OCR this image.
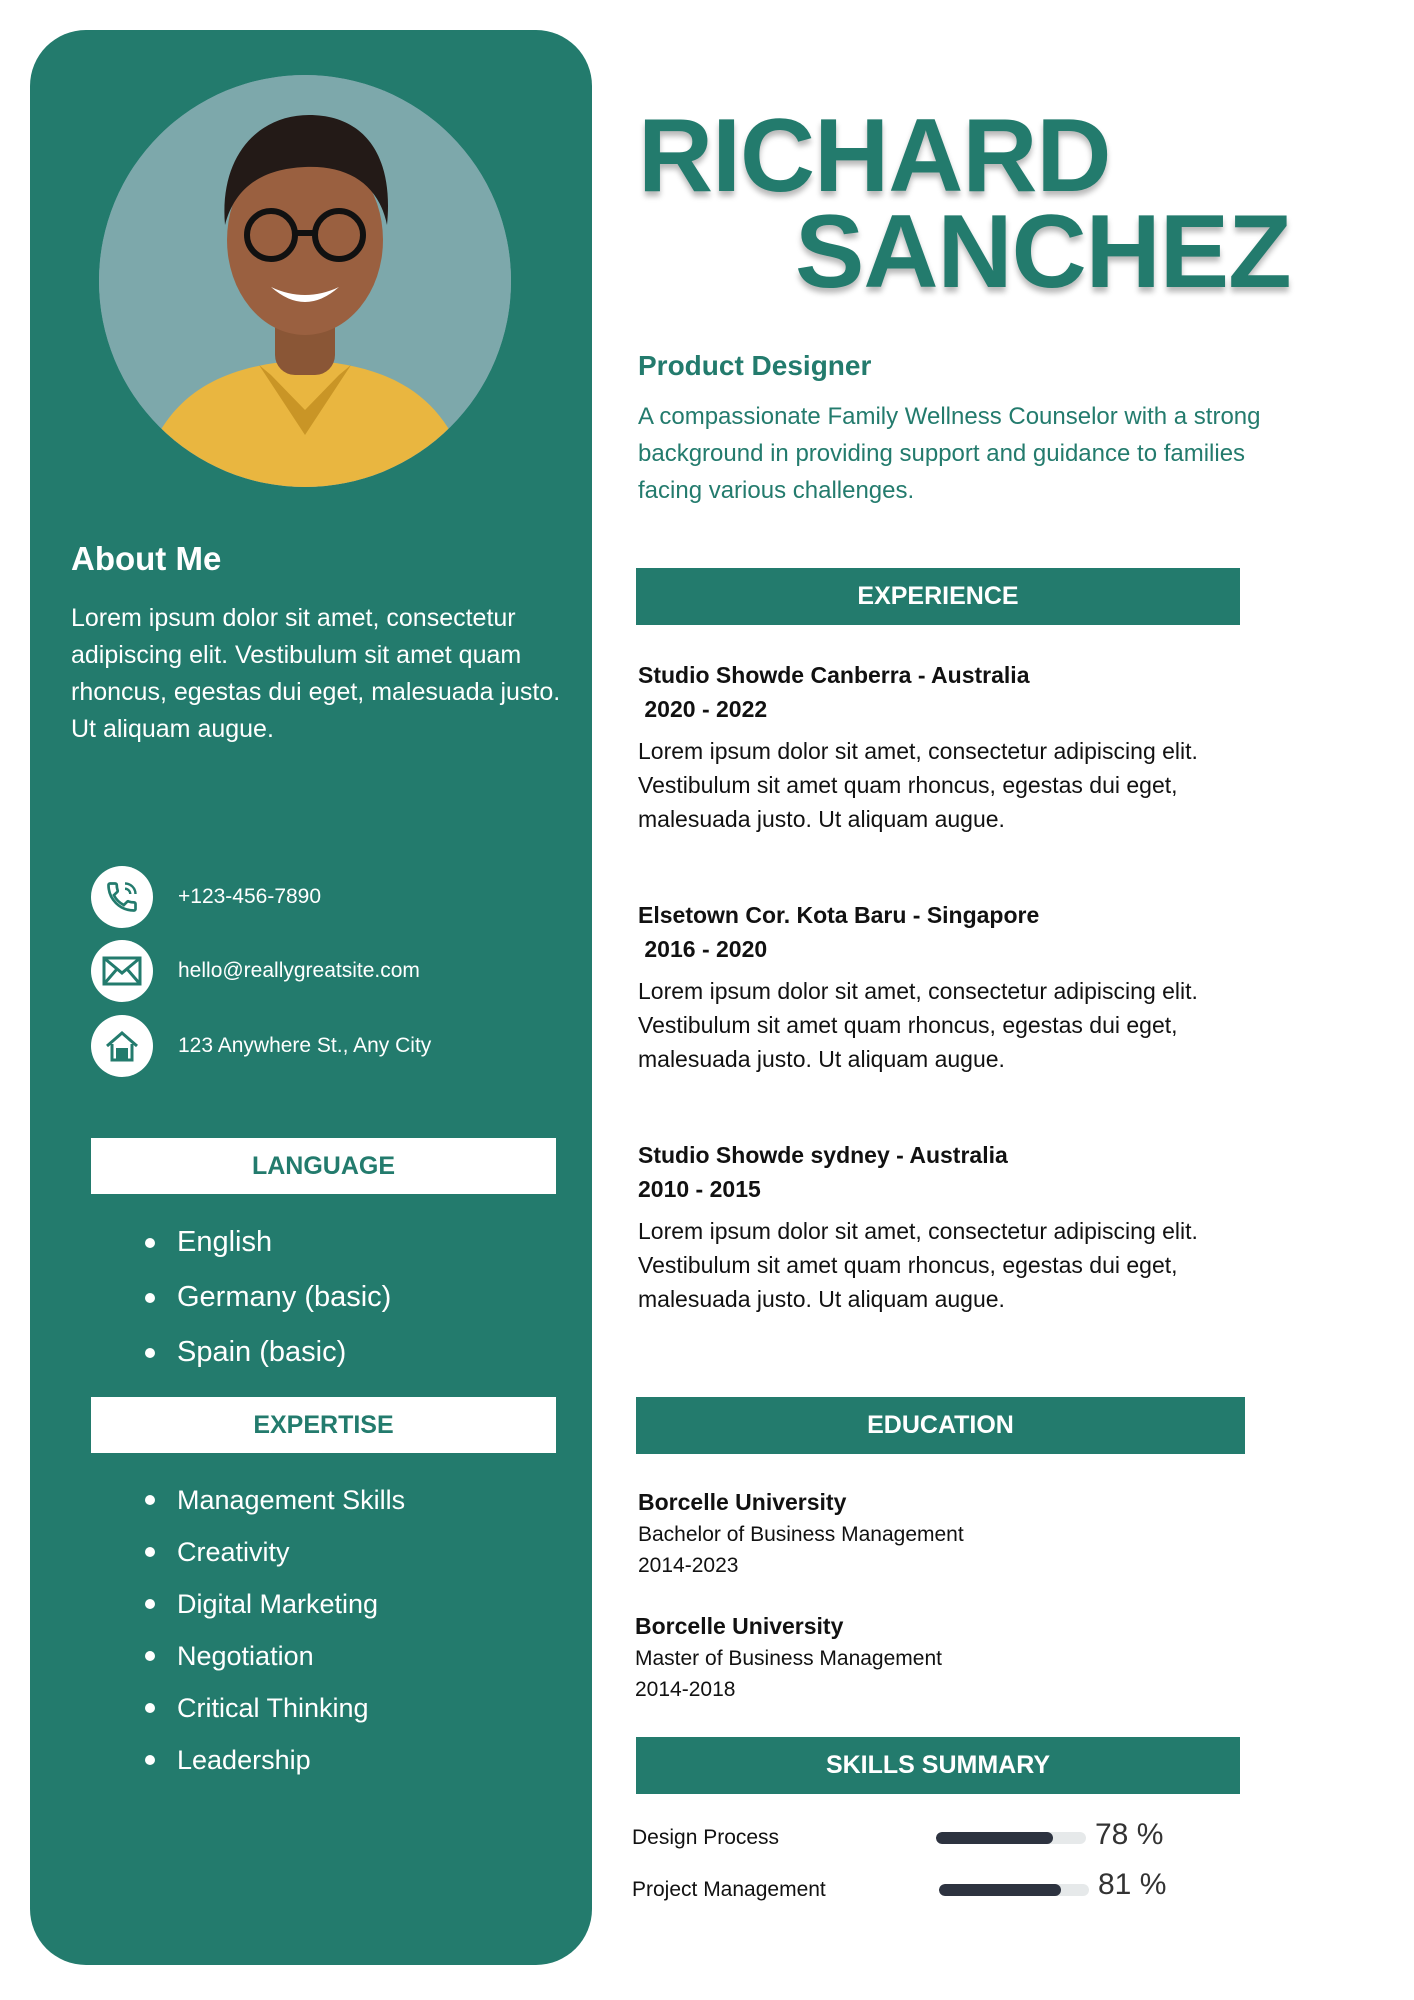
About Me
Lorem ipsum dolor sit amet, consectetur adipiscing elit. Vestibulum sit amet quam rhoncus, egestas dui eget, malesuada justo. Ut aliquam augue.
+123-456-7890
hello@reallygreatsite.com
123 Anywhere St., Any City
LANGUAGE
English
Germany (basic)
Spain (basic)
EXPERTISE
Management Skills
Creativity
Digital Marketing
Negotiation
Critical Thinking
Leadership
RICHARD
SANCHEZ
Product Designer
A compassionate Family Wellness Counselor with a strong background in providing support and guidance to families facing various challenges.
EXPERIENCE
Studio Showde Canberra - Australia
2020 - 2022
Lorem ipsum dolor sit amet, consectetur adipiscing elit. Vestibulum sit amet quam rhoncus, egestas dui eget, malesuada justo. Ut aliquam augue.
Elsetown Cor. Kota Baru - Singapore
2016 - 2020
Lorem ipsum dolor sit amet, consectetur adipiscing elit. Vestibulum sit amet quam rhoncus, egestas dui eget, malesuada justo. Ut aliquam augue.
Studio Showde sydney - Australia
2010 - 2015
Lorem ipsum dolor sit amet, consectetur adipiscing elit. Vestibulum sit amet quam rhoncus, egestas dui eget, malesuada justo. Ut aliquam augue.
EDUCATION
Borcelle University
Bachelor of Business Management
2014-2023
Borcelle University
Master of Business Management
2014-2018
SKILLS SUMMARY
Design Process	78 %
Project Management	81 %
